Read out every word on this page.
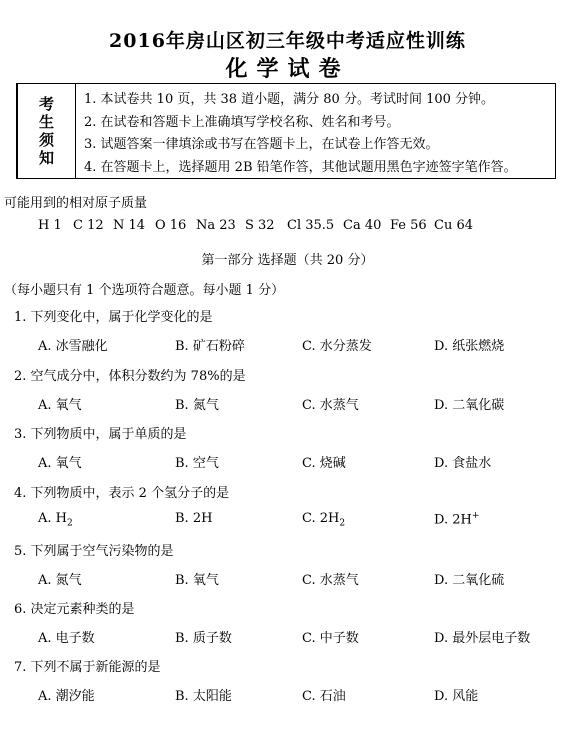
2016年房山区初三年级中考适应性训练
化学试卷
考
生
须
知
1. 本试卷共 10 页，共 38 道小题，满分 80 分。考试时间 100 分钟。
2. 在试卷和答题卡上准确填写学校名称、姓名和考号。
3. 试题答案一律填涂或书写在答题卡上，在试卷上作答无效。
4. 在答题卡上，选择题用 2B 铅笔作答，其他试题用黑色字迹签字笔作答。
可能用到的相对原子质量
H 1 C 12 N 14 O 16 Na 23 S 32 Cl 35.5 Ca 40 Fe 56 Cu 64
第一部分 选择题（共 20 分）
（每小题只有 1 个选项符合题意。每小题 1 分）
1. 下列变化中，属于化学变化的是
A. 冰雪融化	B. 矿石粉碎	C. 水分蒸发	D. 纸张燃烧
2. 空气成分中，体积分数约为 78%的是
A. 氧气	B. 氮气	C. 水蒸气	D. 二氧化碳
3. 下列物质中，属于单质的是
A. 氧气	B. 空气	C. 烧碱	D. 食盐水
4. 下列物质中，表示 2 个氢分子的是
A. $H_2$	B. 2H	C. $2H_2$	D. 2H+
5. 下列属于空气污染物的是
A. 氮气	B. 氧气	C. 水蒸气	D. 二氧化硫
6. 决定元素种类的是
A. 电子数	B. 质子数	C. 中子数	D. 最外层电子数
7. 下列不属于新能源的是
A. 潮汐能	B. 太阳能	C. 石油	D. 风能
